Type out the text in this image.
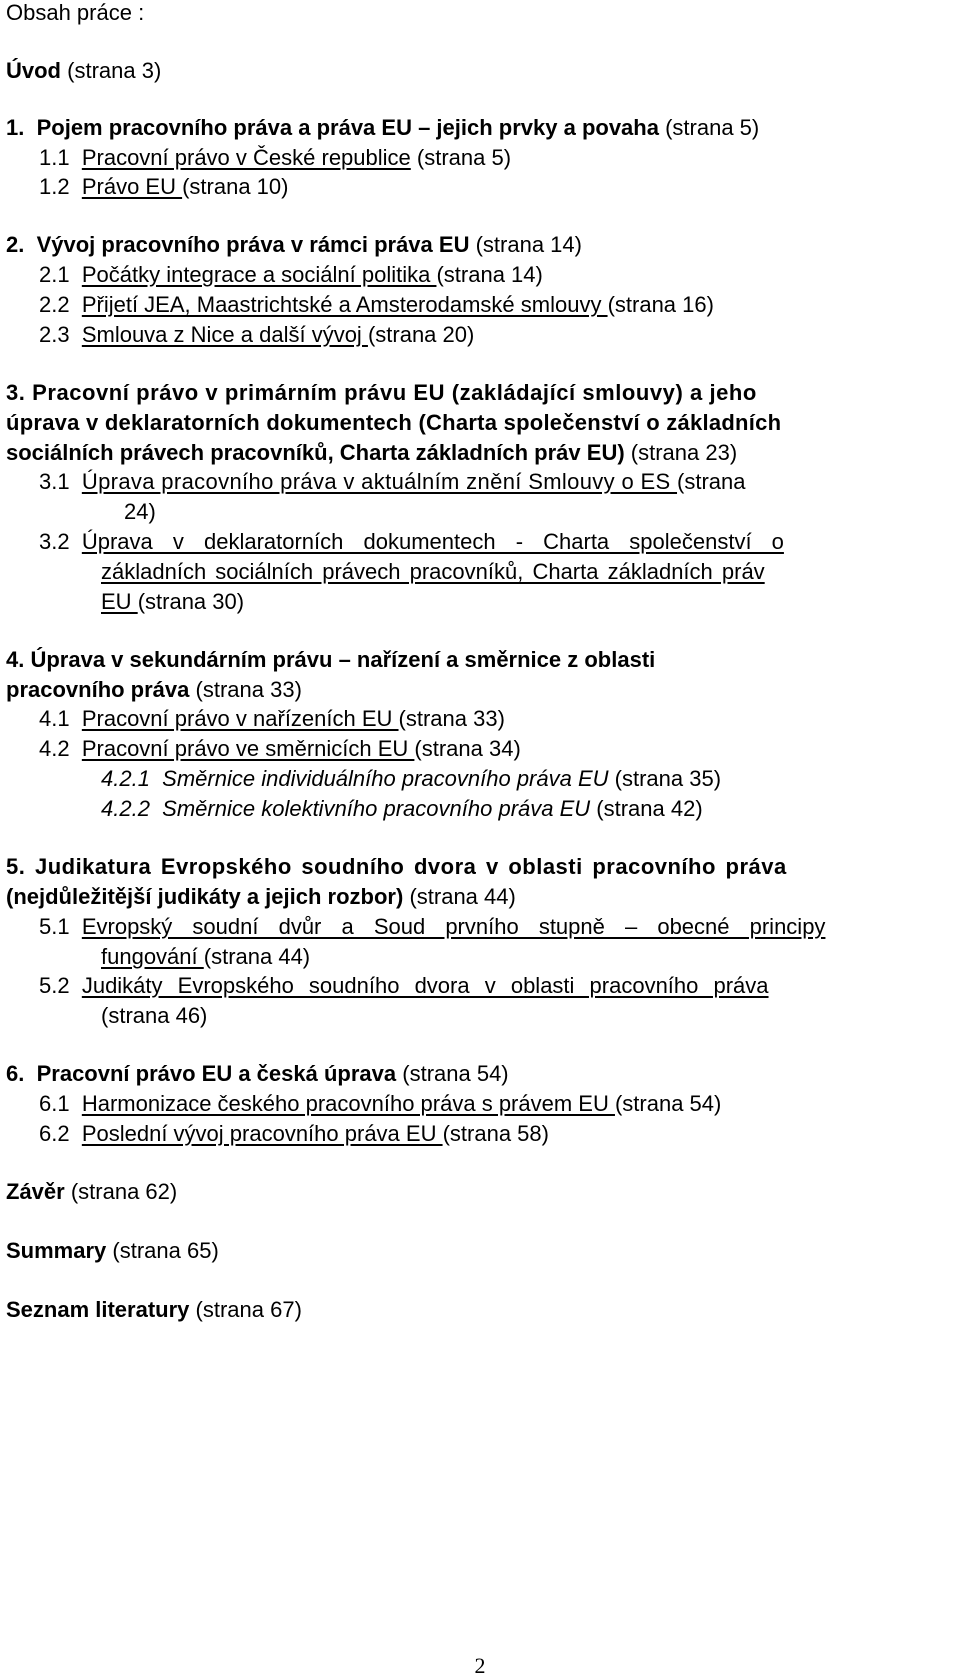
Obsah práce :
Úvod (strana 3)
1. Pojem pracovního práva a práva EU – jejich prvky a povaha (strana 5)
1.1 Pracovní právo v České republice (strana 5)
1.2 Právo EU (strana 10)
2. Vývoj pracovního práva v rámci práva EU (strana 14)
2.1 Počátky integrace a sociální politika (strana 14)
2.2 Přijetí JEA, Maastrichtské a Amsterodamské smlouvy (strana 16)
2.3 Smlouva z Nice a další vývoj (strana 20)
3. Pracovní právo v primárním právu EU (zakládající smlouvy) a jeho
úprava v deklaratorních dokumentech (Charta společenství o základních
sociálních právech pracovníků, Charta základních práv EU) (strana 23)
3.1 Úprava pracovního práva v aktuálním znění Smlouvy o ES (strana
24)
3.2 Úprava v deklaratorních dokumentech - Charta společenství o
základních sociálních právech pracovníků, Charta základních práv
EU (strana 30)
4. Úprava v sekundárním právu – nařízení a směrnice z oblasti
pracovního práva (strana 33)
4.1 Pracovní právo v nařízeních EU (strana 33)
4.2 Pracovní právo ve směrnicích EU (strana 34)
4.2.1 Směrnice individuálního pracovního práva EU (strana 35)
4.2.2 Směrnice kolektivního pracovního práva EU (strana 42)
5. Judikatura Evropského soudního dvora v oblasti pracovního práva
(nejdůležitější judikáty a jejich rozbor) (strana 44)
5.1 Evropský soudní dvůr a Soud prvního stupně – obecné principy
fungování (strana 44)
5.2 Judikáty Evropského soudního dvora v oblasti pracovního práva
(strana 46)
6. Pracovní právo EU a česká úprava (strana 54)
6.1 Harmonizace českého pracovního práva s právem EU (strana 54)
6.2 Poslední vývoj pracovního práva EU (strana 58)
Závěr (strana 62)
Summary (strana 65)
Seznam literatury (strana 67)
2
